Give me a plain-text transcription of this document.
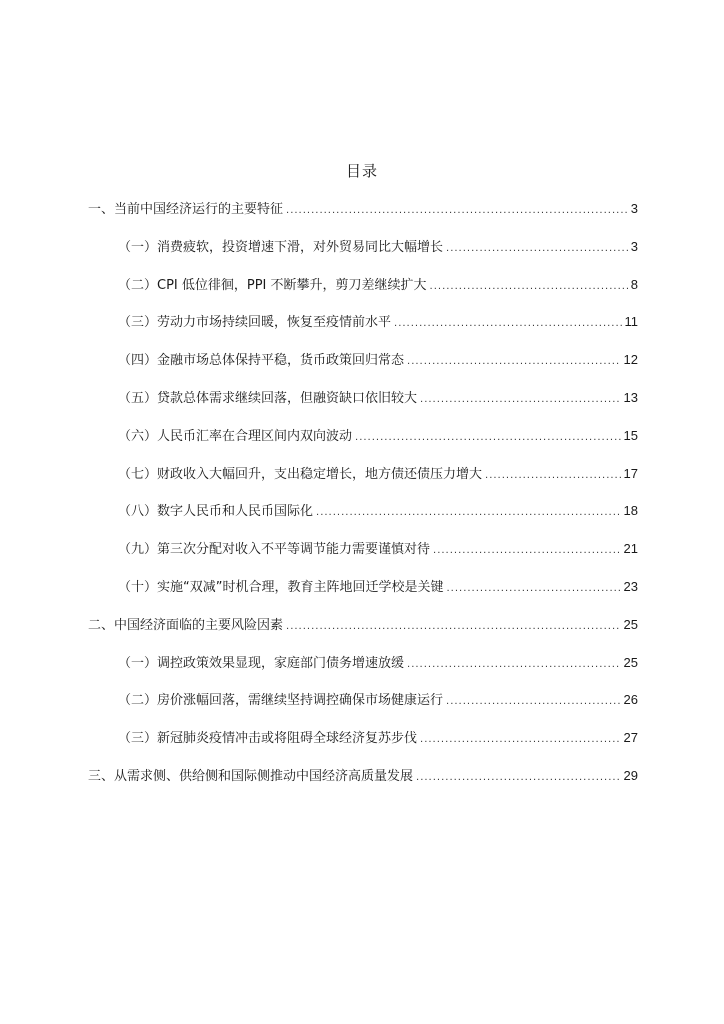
目录
一、当前中国经济运行的主要特征 .....	3
（一）消费疲软，投资增速下滑，对外贸易同比大幅增长 .....	3
（二）CPI 低位徘徊，PPI 不断攀升，剪刀差继续扩大 .....	8
（三）劳动力市场持续回暖，恢复至疫情前水平 .....	11
（四）金融市场总体保持平稳，货币政策回归常态 .....	12
（五）贷款总体需求继续回落，但融资缺口依旧较大 .....	13
（六）人民币汇率在合理区间内双向波动 .....	15
（七）财政收入大幅回升，支出稳定增长，地方债还债压力增大 .....	17
（八）数字人民币和人民币国际化 .....	18
（九）第三次分配对收入不平等调节能力需要谨慎对待 .....	21
（十）实施“双减”时机合理，教育主阵地回迁学校是关键 .....	23
二、中国经济面临的主要风险因素 .....	25
（一）调控政策效果显现，家庭部门债务增速放缓 .....	25
（二）房价涨幅回落，需继续坚持调控确保市场健康运行 .....	26
（三）新冠肺炎疫情冲击或将阻碍全球经济复苏步伐 .....	27
三、从需求侧、供给侧和国际侧推动中国经济高质量发展 .....	29
